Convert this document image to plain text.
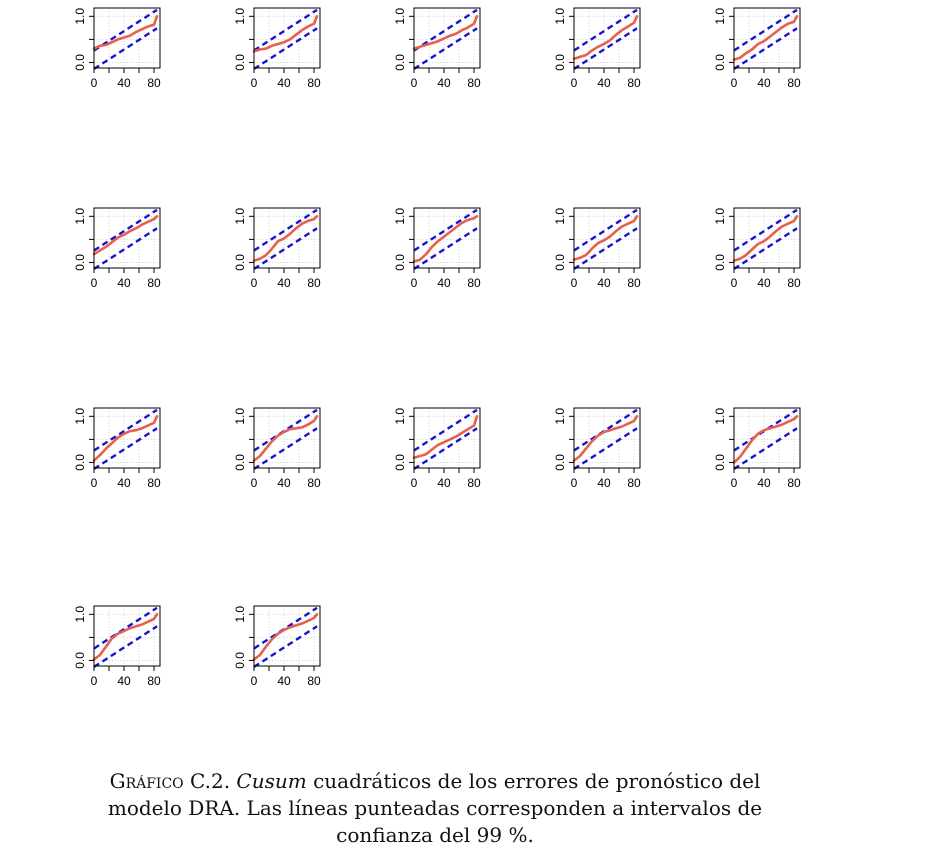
0 40 80
0.0
1.0
0 40 80
0.0
1.0
0 40 80
0.0
1.0
0 40 80
0.0
1.0
0 40 80
0.0
1.0
0 40 80
0.0
1.0
0 40 80
0.0
1.0
0 40 80
0.0
1.0
0 40 80
0.0
1.0
0 40 80
0.0
1.0
0 40 80
0.0
1.0
0 40 80
0.0
1.0
0 40 80
0.0
1.0
0 40 80
0.0
1.0
0 40 80
0.0
1.0
0 40 80
0.0
1.0
0 40 80
0.0
1.0
Gráfico C.2. Cusum cuadráticos de los errores de pronóstico del
modelo DRA. Las líneas punteadas corresponden a intervalos de
confianza del 99 %.
